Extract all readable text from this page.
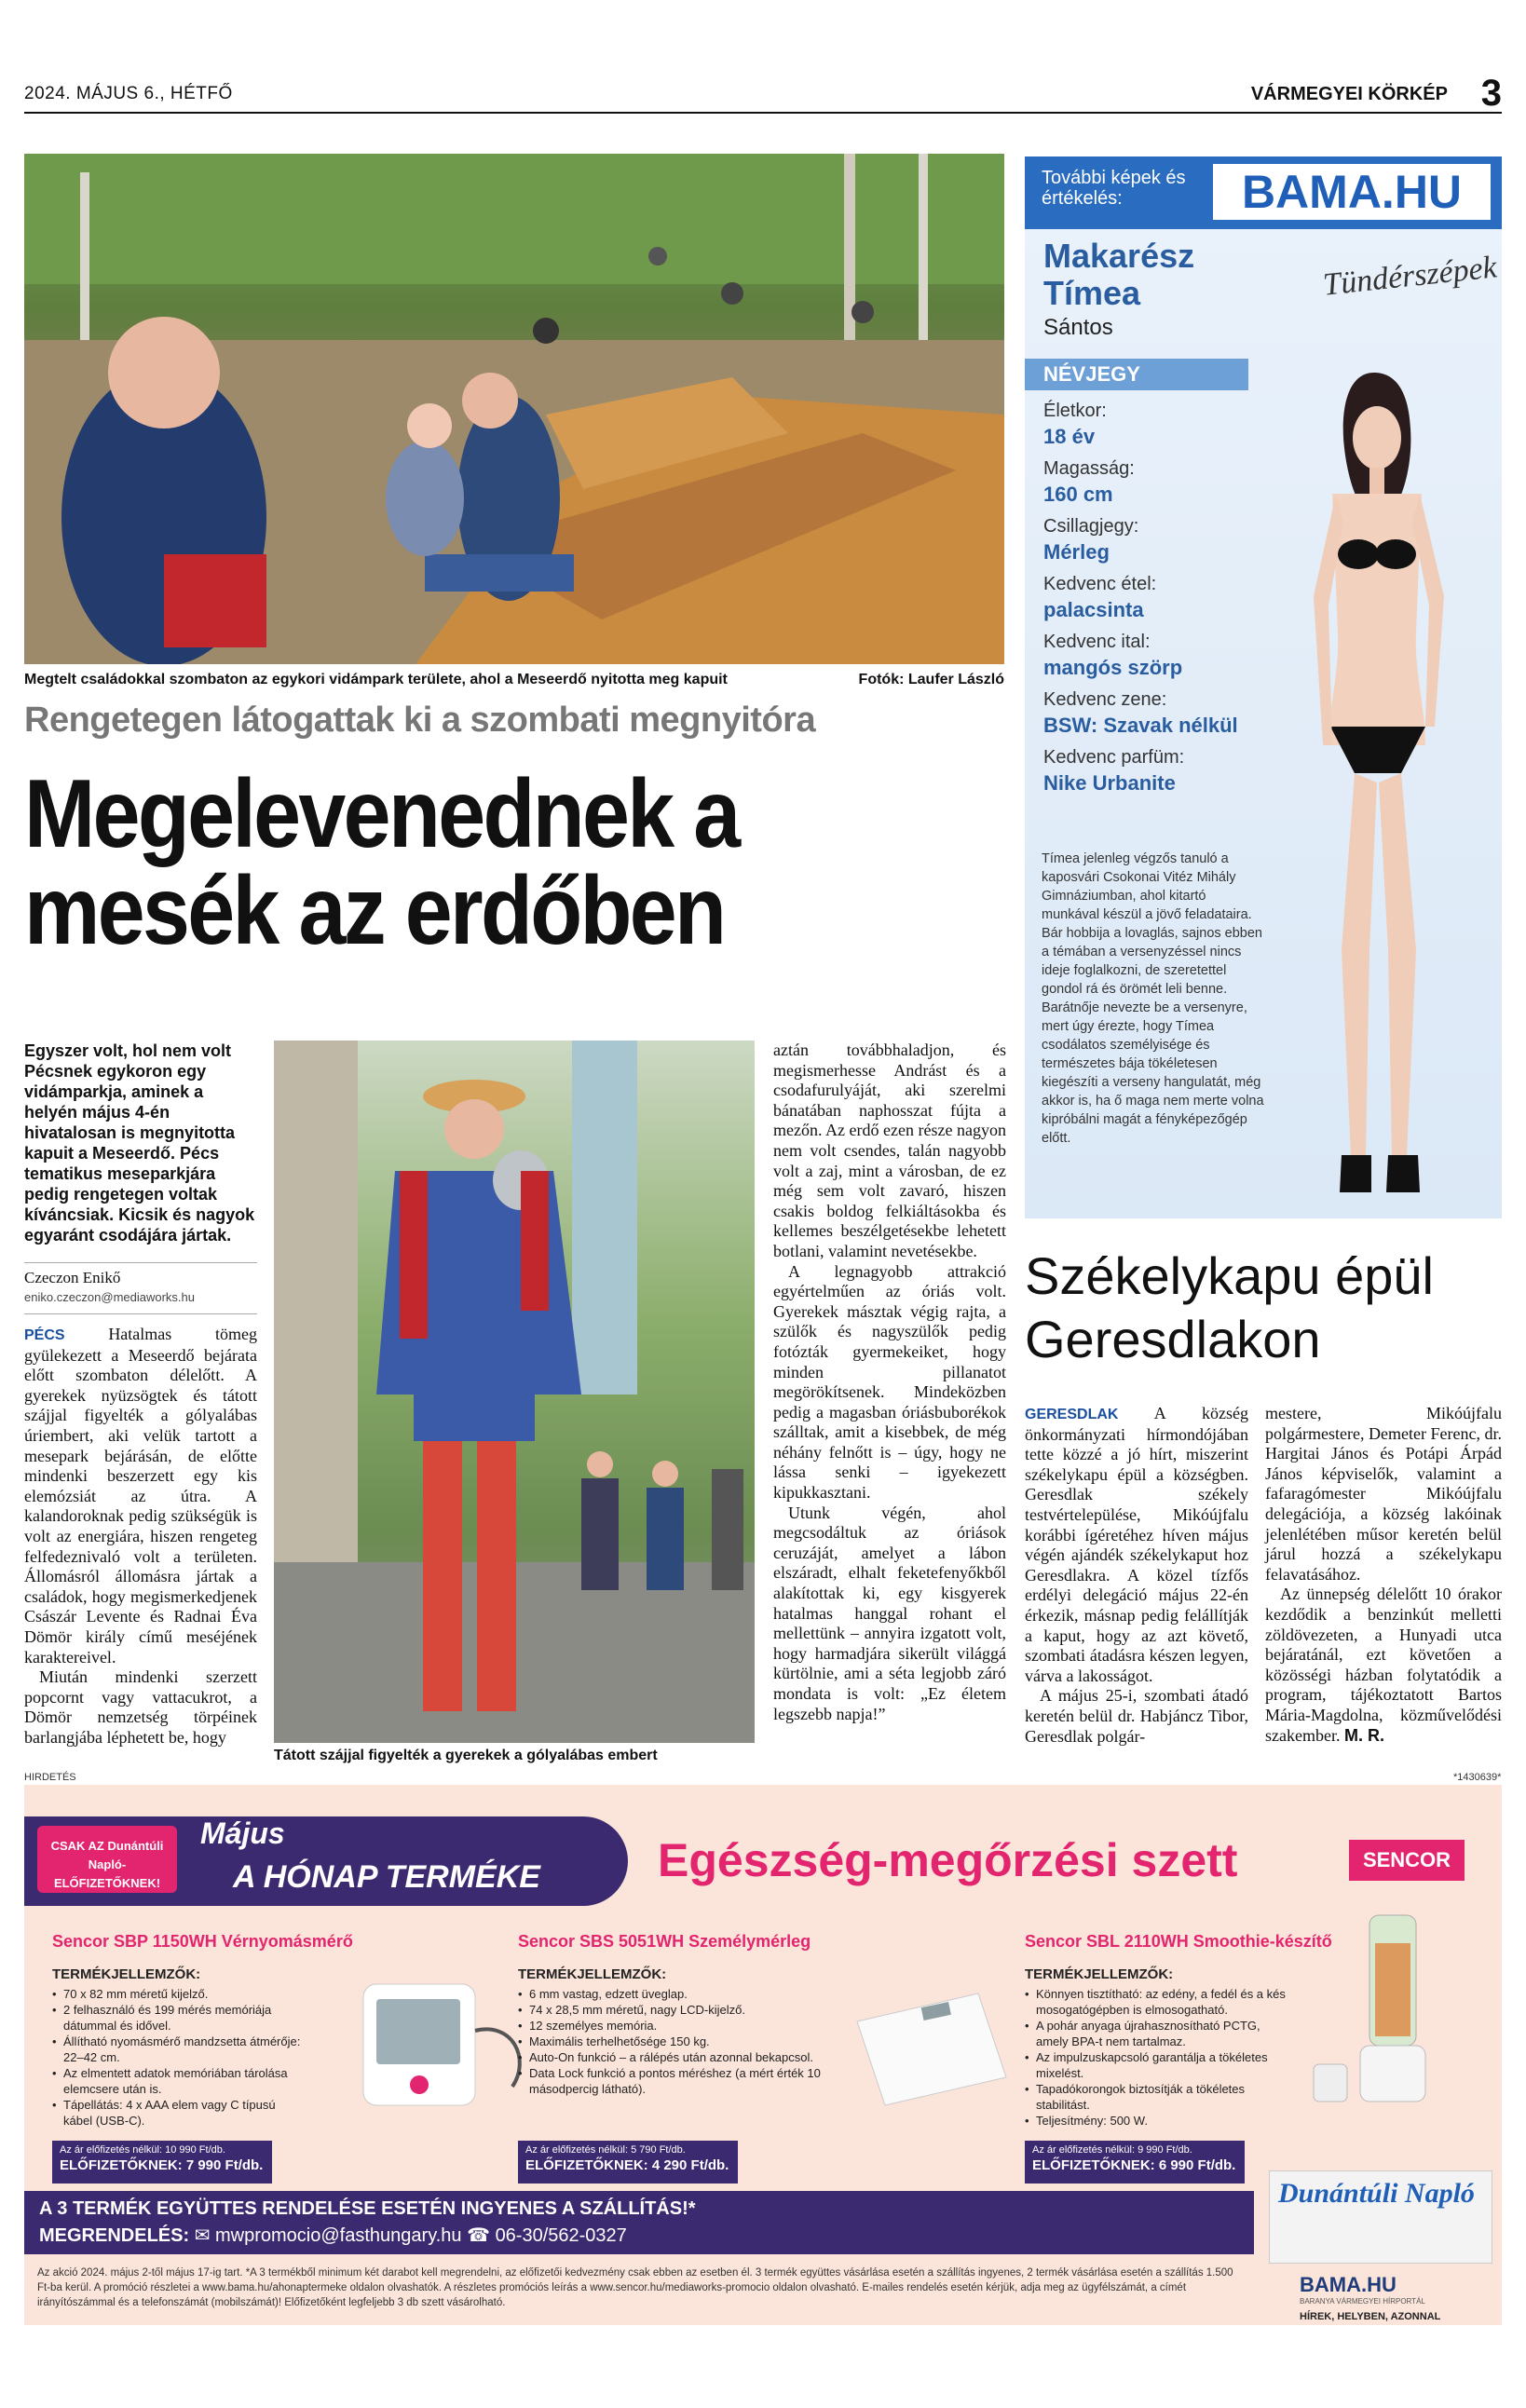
2024. MÁJUS 6., HÉTFŐ	VÁRMEGYEI KÖRKÉP 3
Megtelt családokkal szombaton az egykori vidámpark területe, ahol a Meseerdő nyitotta meg kapuit	Fotók: Laufer László
Rengetegen látogattak ki a szombati megnyitóra
Megelevenednek a mesék az erdőben
Egyszer volt, hol nem volt Pécsnek egykoron egy vidámparkja, aminek a helyén május 4-én hivatalosan is megnyitotta kapuit a Meseerdő. Pécs tematikus meseparkjára pedig rengetegen voltak kíváncsiak. Kicsik és nagyok egyaránt csodájára jártak.
Czeczon Enikő
eniko.czeczon@mediaworks.hu
PÉCS	Hatalmas tömeg gyülekezett a Meseerdő bejárata előtt szombaton délelőtt. A gyerekek nyüzsögtek és tátott szájjal figyelték a gólyalábas úriembert, aki velük tartott a mesepark bejárásán, de előtte mindenki beszerzett egy kis elemózsiát az útra. A kalandoroknak pedig szükségük is volt az energiára, hiszen rengeteg felfedeznivaló volt a területen. Állomásról állomásra jártak a családok, hogy megismerkedjenek Császár Levente és Radnai Éva Dömör király című meséjének karaktereivel.

Miután mindenki szerzett popcornt vagy vattacukrot, a Dömör nemzetség törpéinek barlangjába léphetett be, hogy

Tátott szájjal figyelték a gyerekek a gólyalábas embert

aztán továbbhaladjon, és megismerhesse Andrást és a csodafurulyáját, aki szerelmi bánatában naphosszat fújta a mezőn. Az erdő ezen része nagyon nem volt csendes, talán nagyobb volt a zaj, mint a városban, de ez még sem volt zavaró, hiszen csakis boldog felkiáltásokba és kellemes beszélgetésekbe lehetett botlani, valamint nevetésekbe.

A legnagyobb attrakció egyértelműen az óriás volt. Gyerekek másztak végig rajta, a szülők és nagyszülők pedig fotózták gyermekeiket, hogy minden pillanatot megörökítsenek. Mindeközben pedig a magasban óriásbuborékok szálltak, amit a kisebbek, de még néhány felnőtt is – úgy, hogy ne lássa senki – igyekezett kipukkasztani.

Utunk végén, ahol megcsodáltuk az óriások ceruzáját, amelyet a lábon elszáradt, elhalt feketefenyőkből alakítottak ki, egy kisgyerek hatalmas hanggal rohant el mellettünk – annyira izgatott volt, hogy harmadjára sikerült világgá kürtölnie, ami a séta legjobb záró mondata is volt: „Ez életem legszebb napja!”

További képek és értékelés:	BAMA.HU
Makarész Tímea
Sántos
Tündérszépek
NÉVJEGY
Életkor:
18 év
Magasság:
160 cm
Csillagjegy:
Mérleg
Kedvenc étel:
palacsinta
Kedvenc ital:
mangós szörp
Kedvenc zene:
BSW: Szavak nélkül
Kedvenc parfüm:
Nike Urbanite
Tímea jelenleg végzős tanuló a kaposvári Csokonai Vitéz Mihály Gimnáziumban, ahol kitartó munkával készül a jövő feladataira. Bár hobbija a lovaglás, sajnos ebben a témában a versenyzéssel nincs ideje foglalkozni, de szeretettel gondol rá és örömét leli benne. Barátnője nevezte be a versenyre, mert úgy érezte, hogy Tímea csodálatos személyisége és természetes bája tökéletesen kiegészíti a verseny hangulatát, még akkor is, ha ő maga nem merte volna kipróbálni magát a fényképezőgép előtt.
Székelykapu épül Geresdlakon
GERESDLAK A község önkormányzati hírmondójában tette közzé a jó hírt, miszerint székelykapu épül a községben. Geresdlak székely testvértelepülése, Mikóújfalu korábbi ígéretéhez híven május végén ajándék székelykaput hoz Geresdlakra. A közel tízfős erdélyi delegáció május 22-én érkezik, másnap pedig felállítják a kaput, hogy az azt követő, szombati átadásra készen legyen, várva a lakosságot.

A május 25-i, szombati átadó keretén belül dr. Habjáncz Tibor, Geresdlak polgár-

mestere, Mikóújfalu polgármestere, Demeter Ferenc, dr. Hargitai János és Potápi Árpád János képviselők, valamint a fafaragómester Mikóújfalu delegációja, a község lakóinak jelenlétében műsor keretén belül járul hozzá a székelykapu felavatásához.

Az ünnepség délelőtt 10 órakor kezdődik a benzinkút melletti zöldövezeten, a Hunyadi utca bejáratánál, ezt követően a közösségi házban folytatódik a program, tájékoztatott Bartos Mária-Magdolna, közművelődési szakember. M. R.

HIRDETÉS	*1430639*
CSAK AZ Dunántúli Napló-ELŐFIZETŐKNEK!
Május
A HÓNAP TERMÉKE	Egészség-megőrzési szett	SENCOR
Sencor SBP 1150WH Vérnyomásmérő
TERMÉKJELLEMZŐK:
• 70 x 82 mm méretű kijelző.
• 2 felhasználó és 199 mérés memóriája dátummal és idővel.
• Állítható nyomásmérő mandzsetta átmérője: 22–42 cm.
• Az elmentett adatok memóriában tárolása elemcsere után is.
• Tápellátás: 4 x AAA elem vagy C típusú kábel (USB-C).
Az ár előfizetés nélkül: 10 990 Ft/db.
ELŐFIZETŐKNEK: 7 990 Ft/db.
Sencor SBS 5051WH Személymérleg
TERMÉKJELLEMZŐK:
• 6 mm vastag, edzett üveglap.
• 74 x 28,5 mm méretű, nagy LCD-kijelző.
• 12 személyes memória.
• Maximális terhelhetősége 150 kg.
• Auto-On funkció – a rálépés után azonnal bekapcsol.
• Data Lock funkció a pontos méréshez (a mért érték 10 másodpercig látható).
Az ár előfizetés nélkül: 5 790 Ft/db.
ELŐFIZETŐKNEK: 4 290 Ft/db.
Sencor SBL 2110WH Smoothie-készítő
TERMÉKJELLEMZŐK:
• Könnyen tisztítható: az edény, a fedél és a kés mosogatógépben is elmosogatható.
• A pohár anyaga újrahasznosítható PCTG, amely BPA-t nem tartalmaz.
• Az impulzuskapcsoló garantálja a tökéletes mixelést.
• Tapadókorongok biztosítják a tökéletes stabilitást.
• Teljesítmény: 500 W.
Az ár előfizetés nélkül: 9 990 Ft/db.
ELŐFIZETŐKNEK: 6 990 Ft/db.
A 3 TERMÉK EGYÜTTES RENDELÉSE ESETÉN INGYENES A SZÁLLÍTÁS!*
MEGRENDELÉS: ✉ mwpromocio@fasthungary.hu ☎ 06-30/562-0327
Az akció 2024. május 2-től május 17-ig tart. *A 3 termékből minimum két darabot kell megrendelni, az előfizetői kedvezmény csak ebben az esetben él. 3 termék együttes vásárlása esetén a szállítás ingyenes, 2 termék vásárlása esetén a szállítás 1.500 Ft-ba kerül. A promóció részletei a www.bama.hu/ahonaptermeke oldalon olvashatók. A részletes promóciós leírás a www.sencor.hu/mediaworks-promocio oldalon olvasható. E-mailes rendelés esetén kérjük, adja meg az ügyfélszámát, a címét irányítószámmal és a telefonszámát (mobilszámát)! Előfizetőként legfeljebb 3 db szett vásárolható.
Dunántúli Napló
BAMA.HU
BARANYA VÁRMEGYEI HÍRPORTÁL
HÍREK, HELYBEN, AZONNAL
